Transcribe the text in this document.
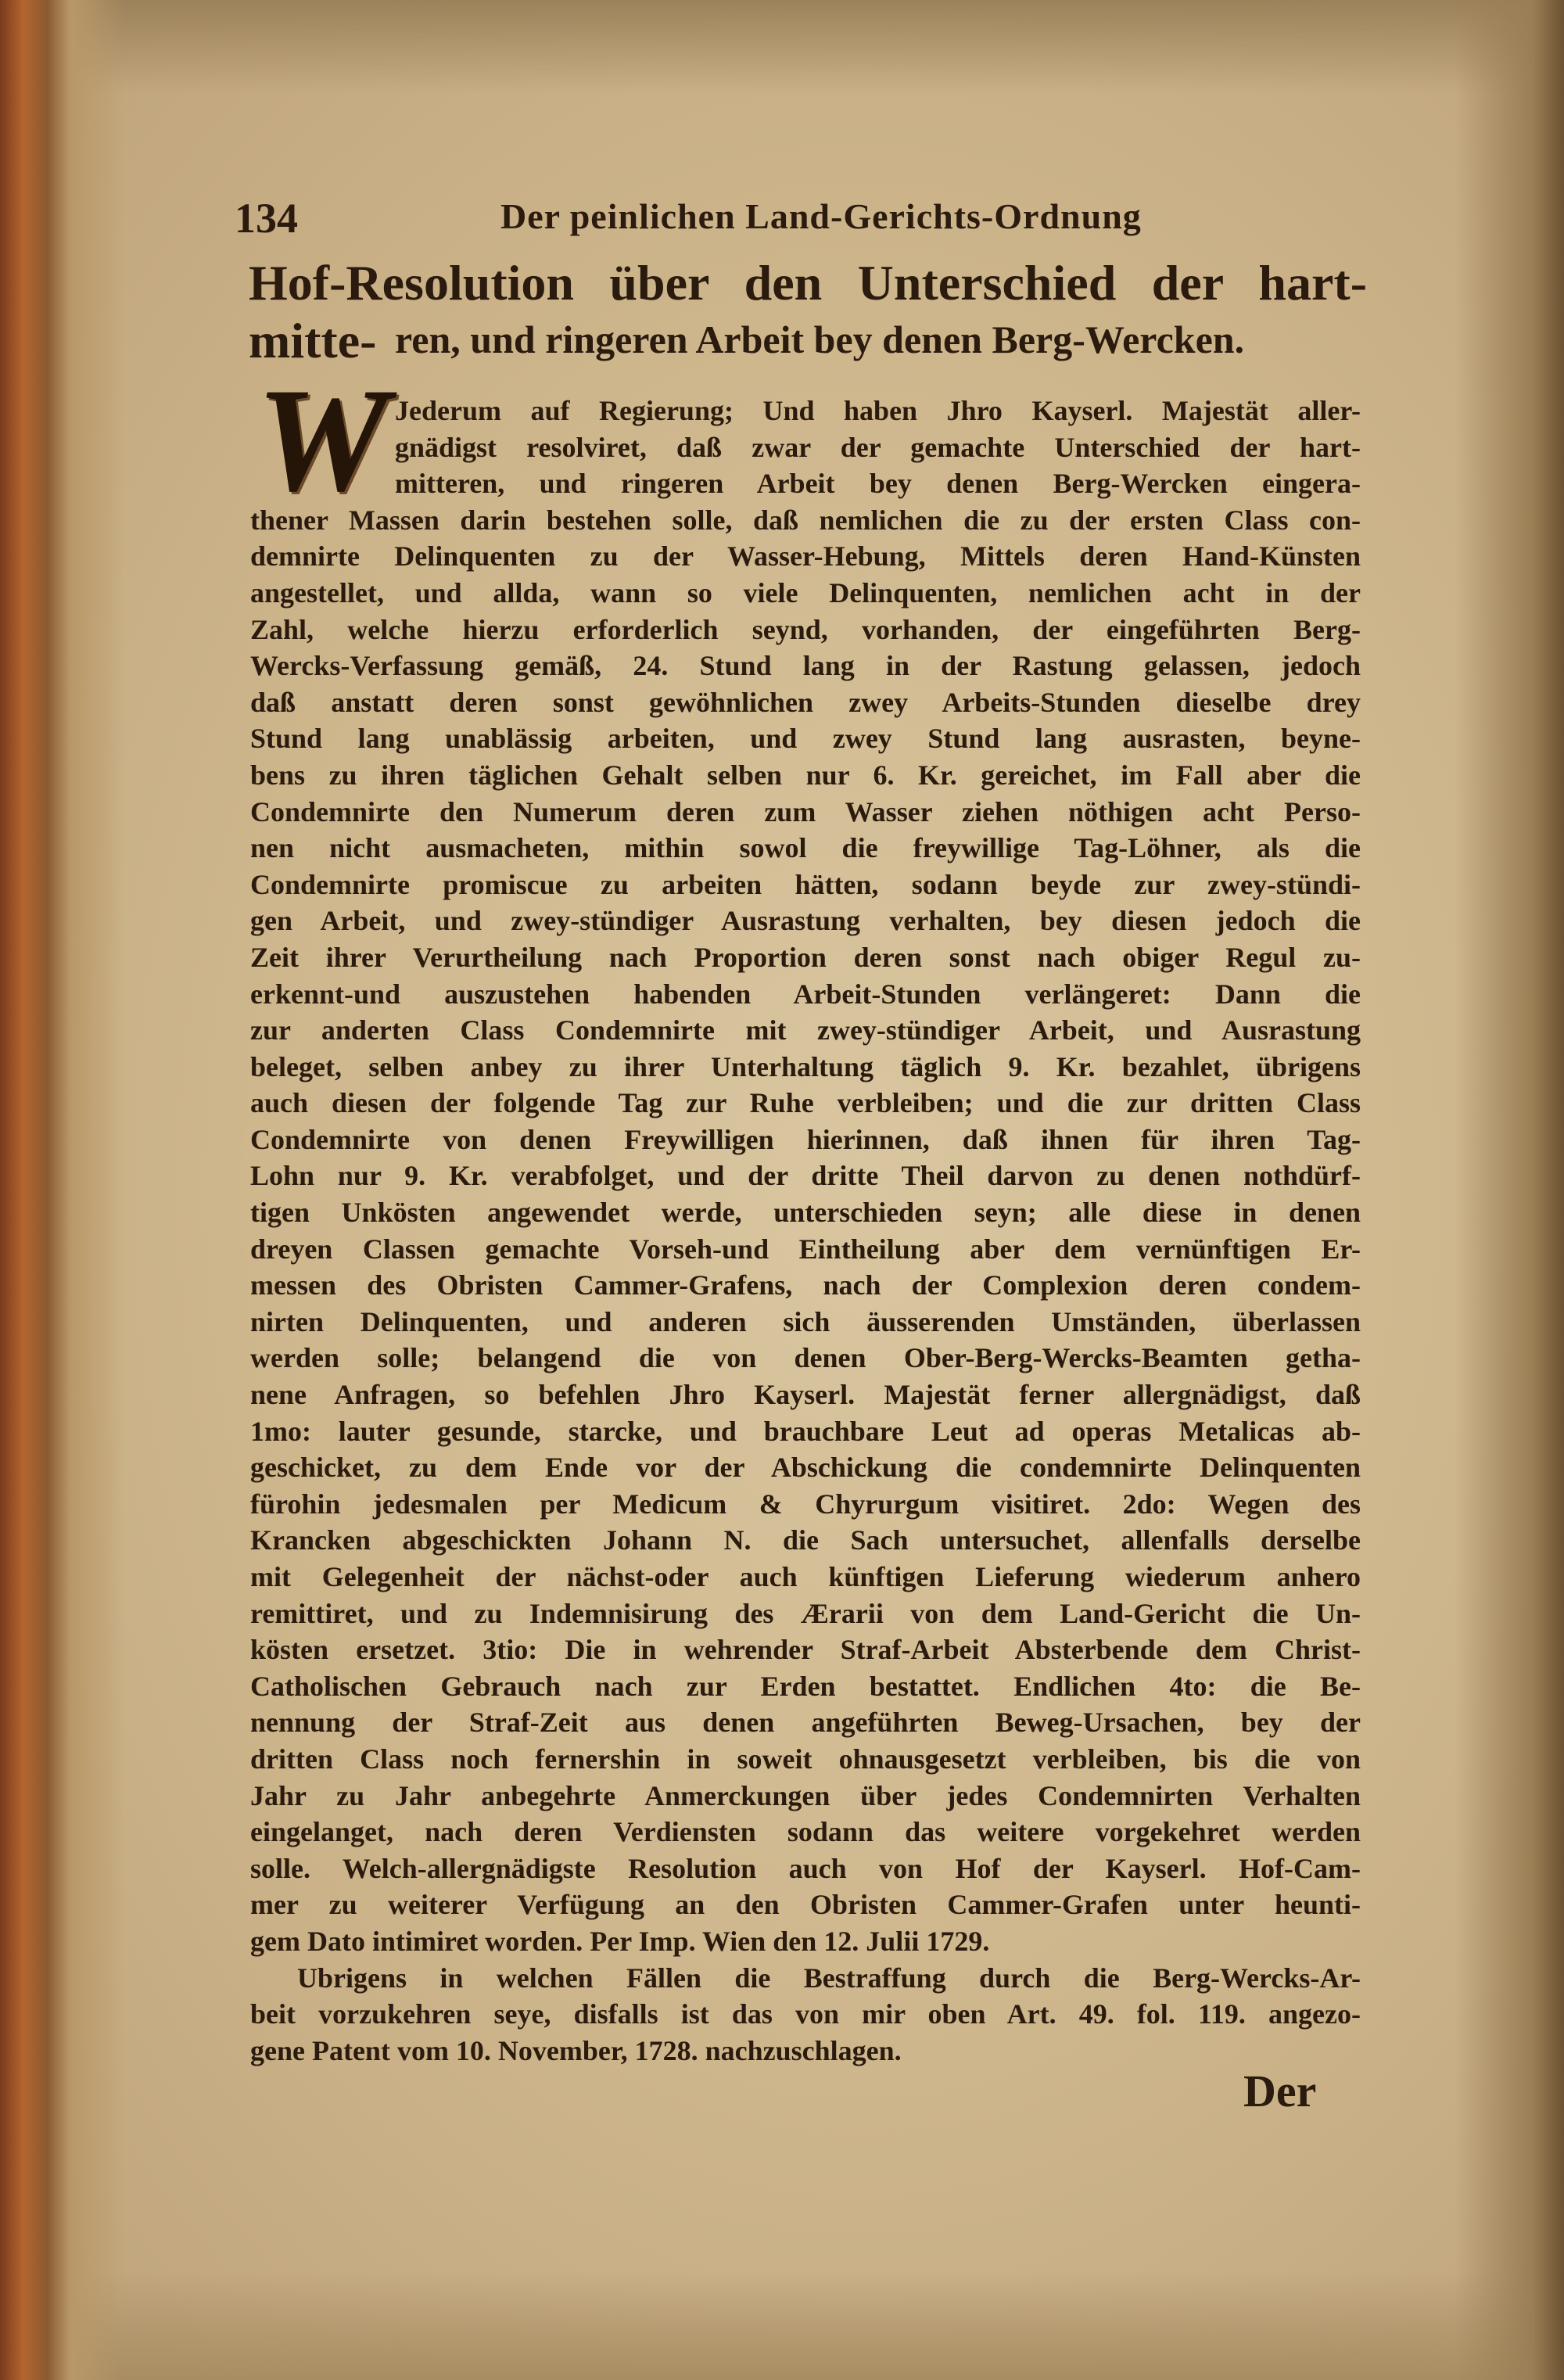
134	Der peinlichen Land-Gerichts-Ordnung
Hof-Resolution über den Unterschied der hart-mitte- ren, und ringeren Arbeit bey denen Berg-Wercken.
W Jederum auf Regierung; Und haben Jhro Kayserl. Majestät aller-
gnädigst resolviret, daß zwar der gemachte Unterschied der hart-
mitteren, und ringeren Arbeit bey denen Berg-Wercken eingera-
thener Massen darin bestehen solle, daß nemlichen die zu der ersten Class con-
demnirte Delinquenten zu der Wasser-Hebung, Mittels deren Hand-Künsten
angestellet, und allda, wann so viele Delinquenten, nemlichen acht in der
Zahl, welche hierzu erforderlich seynd, vorhanden, der eingeführten Berg-
Wercks-Verfassung gemäß, 24. Stund lang in der Rastung gelassen, jedoch
daß anstatt deren sonst gewöhnlichen zwey Arbeits-Stunden dieselbe drey
Stund lang unablässig arbeiten, und zwey Stund lang ausrasten, beyne-
bens zu ihren täglichen Gehalt selben nur 6. Kr. gereichet, im Fall aber die
Condemnirte den Numerum deren zum Wasser ziehen nöthigen acht Perso-
nen nicht ausmacheten, mithin sowol die freywillige Tag-Löhner, als die
Condemnirte promiscue zu arbeiten hätten, sodann beyde zur zwey-stündi-
gen Arbeit, und zwey-stündiger Ausrastung verhalten, bey diesen jedoch die
Zeit ihrer Verurtheilung nach Proportion deren sonst nach obiger Regul zu-
erkennt-und auszustehen habenden Arbeit-Stunden verlängeret: Dann die
zur anderten Class Condemnirte mit zwey-stündiger Arbeit, und Ausrastung
beleget, selben anbey zu ihrer Unterhaltung täglich 9. Kr. bezahlet, übrigens
auch diesen der folgende Tag zur Ruhe verbleiben; und die zur dritten Class
Condemnirte von denen Freywilligen hierinnen, daß ihnen für ihren Tag-
Lohn nur 9. Kr. verabfolget, und der dritte Theil darvon zu denen nothdürf-
tigen Unkösten angewendet werde, unterschieden seyn; alle diese in denen
dreyen Classen gemachte Vorseh-und Eintheilung aber dem vernünftigen Er-
messen des Obristen Cammer-Grafens, nach der Complexion deren condem-
nirten Delinquenten, und anderen sich äusserenden Umständen, überlassen
werden solle; belangend die von denen Ober-Berg-Wercks-Beamten getha-
nene Anfragen, so befehlen Jhro Kayserl. Majestät ferner allergnädigst, daß
1mo: lauter gesunde, starcke, und brauchbare Leut ad operas Metalicas ab-
geschicket, zu dem Ende vor der Abschickung die condemnirte Delinquenten
fürohin jedesmalen per Medicum & Chyrurgum visitiret. 2do: Wegen des
Krancken abgeschickten Johann N. die Sach untersuchet, allenfalls derselbe
mit Gelegenheit der nächst-oder auch künftigen Lieferung wiederum anhero
remittiret, und zu Indemnisirung des Ærarii von dem Land-Gericht die Un-
kösten ersetzet. 3tio: Die in wehrender Straf-Arbeit Absterbende dem Christ-
Catholischen Gebrauch nach zur Erden bestattet. Endlichen 4to: die Be-
nennung der Straf-Zeit aus denen angeführten Beweg-Ursachen, bey der
dritten Class noch fernershin in soweit ohnausgesetzt verbleiben, bis die von
Jahr zu Jahr anbegehrte Anmerckungen über jedes Condemnirten Verhalten
eingelanget, nach deren Verdiensten sodann das weitere vorgekehret werden
solle. Welch-allergnädigste Resolution auch von Hof der Kayserl. Hof-Cam-
mer zu weiterer Verfügung an den Obristen Cammer-Grafen unter heunti-
gem Dato intimiret worden. Per Imp. Wien den 12. Julii 1729.
Ubrigens in welchen Fällen die Bestraffung durch die Berg-Wercks-Ar-
beit vorzukehren seye, disfalls ist das von mir oben Art. 49. fol. 119. angezo-
gene Patent vom 10. November, 1728. nachzuschlagen.
Der
